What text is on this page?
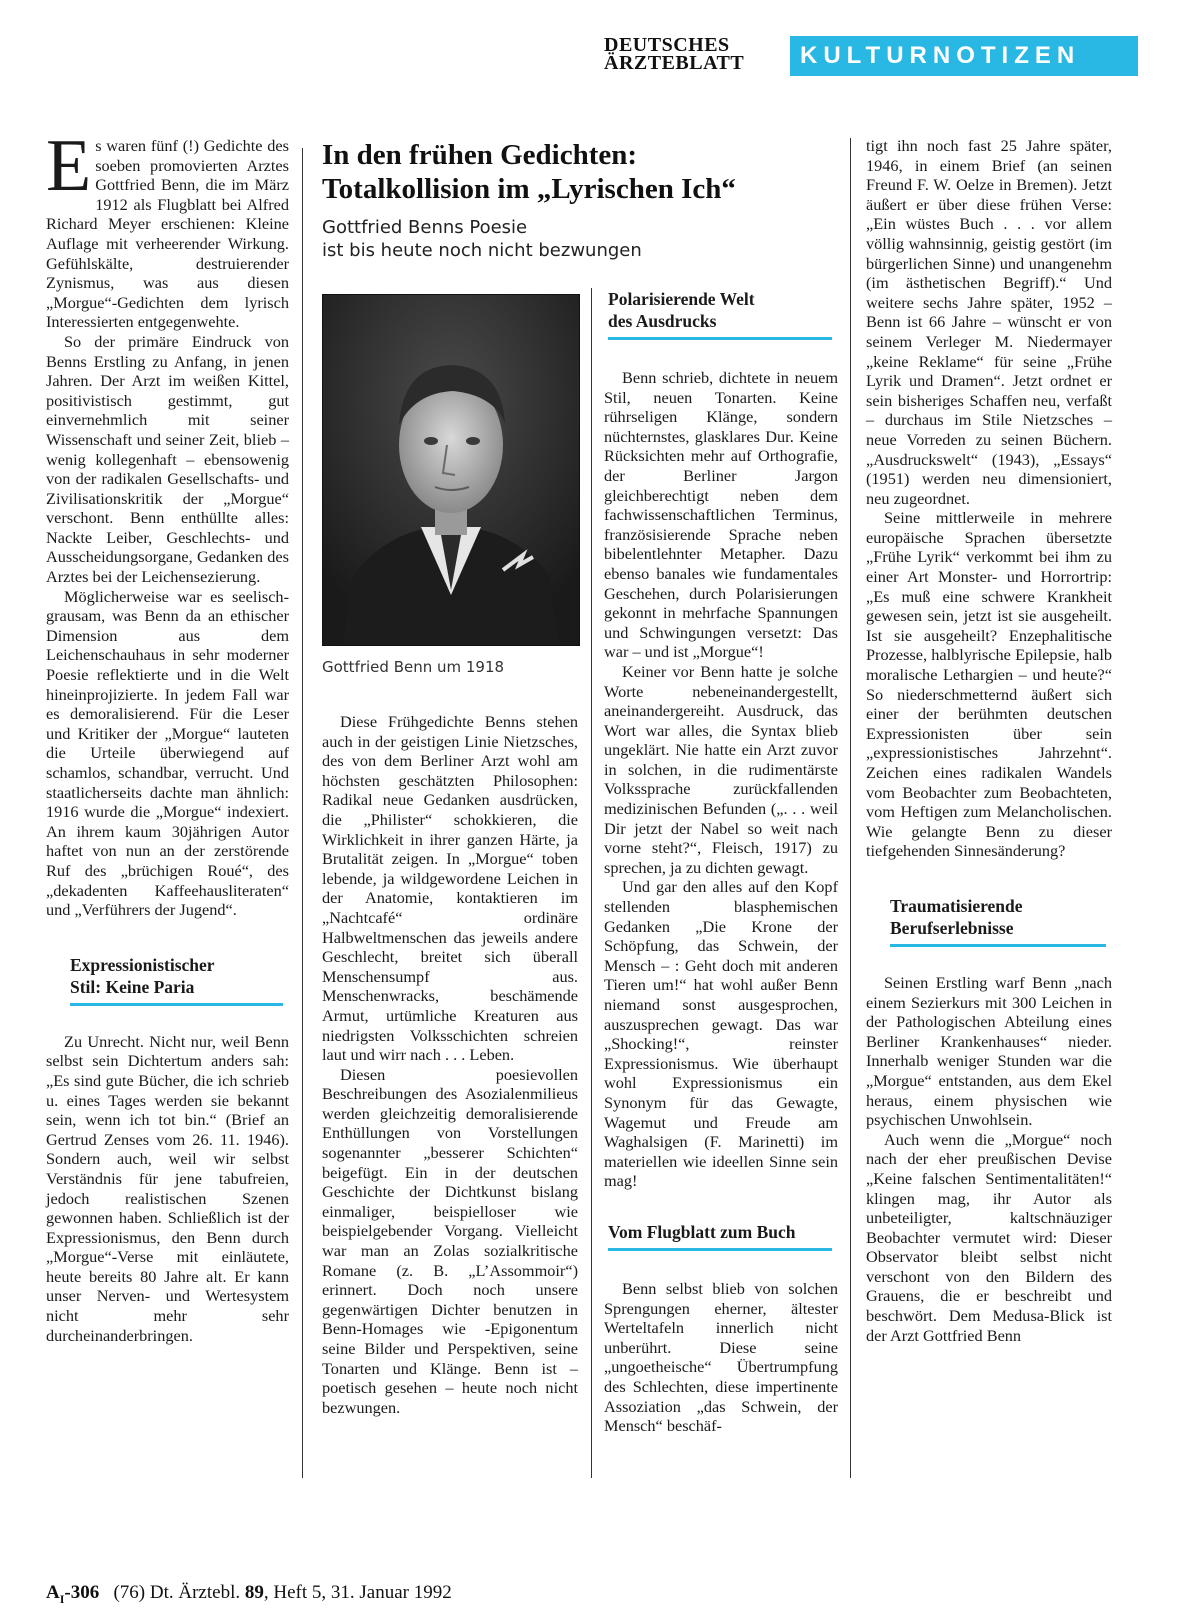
DEUTSCHES
ÄRZTEBLATT	KULTURNOTIZEN
In den frühen Gedichten:
Totalkollision im „Lyrischen Ich“
Gottfried Benns Poesie
ist bis heute noch nicht bezwungen
Gottfried Benn um 1918

Es waren fünf (!) Gedichte des soeben promovierten Arztes Gottfried Benn, die im März 1912 als Flugblatt bei Alfred Richard Meyer erschienen: Kleine Auflage mit verheerender Wirkung. Gefühlskälte, destruierender Zynismus, was aus diesen „Morgue“-Gedichten dem lyrisch Interessierten entgegenwehte.

So der primäre Eindruck von Benns Erstling zu Anfang, in jenen Jahren. Der Arzt im weißen Kittel, positivistisch gestimmt, gut einvernehmlich mit seiner Wissenschaft und seiner Zeit, blieb – wenig kollegenhaft – ebensowenig von der radikalen Gesellschafts- und Zivilisationskritik der „Morgue“ verschont. Benn enthüllte alles: Nackte Leiber, Geschlechts- und Ausscheidungsorgane, Gedanken des Arztes bei der Leichensezierung.

Möglicherweise war es seelisch-grausam, was Benn da an ethischer Dimension aus dem Leichenschauhaus in sehr moderner Poesie reflektierte und in die Welt hineinprojizierte. In jedem Fall war es demoralisierend. Für die Leser und Kritiker der „Morgue“ lauteten die Urteile überwiegend auf schamlos, schandbar, verrucht. Und staatlicherseits dachte man ähnlich: 1916 wurde die „Morgue“ indexiert. An ihrem kaum 30jährigen Autor haftet von nun an der zerstörende Ruf des „brüchigen Roué“, des „dekadenten Kaffeehausliteraten“ und „Verführers der Jugend“.

Expressionistischer
Stil: Keine Paria

Zu Unrecht. Nicht nur, weil Benn selbst sein Dichtertum anders sah: „Es sind gute Bücher, die ich schrieb u. eines Tages werden sie bekannt sein, wenn ich tot bin.“ (Brief an Gertrud Zenses vom 26. 11. 1946). Sondern auch, weil wir selbst Verständnis für jene tabufreien, jedoch realistischen Szenen gewonnen haben. Schließlich ist der Expressionismus, den Benn durch „Morgue“-Verse mit einläutete, heute bereits 80 Jahre alt. Er kann unser Nerven- und Wertesystem nicht mehr sehr durcheinanderbringen.

Diese Frühgedichte Benns stehen auch in der geistigen Linie Nietzsches, des von dem Berliner Arzt wohl am höchsten geschätzten Philosophen: Radikal neue Gedanken ausdrücken, die „Philister“ schokkieren, die Wirklichkeit in ihrer ganzen Härte, ja Brutalität zeigen. In „Morgue“ toben lebende, ja wildgewordene Leichen in der Anatomie, kontaktieren im „Nachtcafé“ ordinäre Halbweltmenschen das jeweils andere Geschlecht, breitet sich überall Menschensumpf aus. Menschenwracks, beschämende Armut, urtümliche Kreaturen aus niedrigsten Volksschichten schreien laut und wirr nach . . . Leben.

Diesen poesievollen Beschreibungen des Asozialenmilieus werden gleichzeitig demoralisierende Enthüllungen von Vorstellungen sogenannter „besserer Schichten“ beigefügt. Ein in der deutschen Geschichte der Dichtkunst bislang einmaliger, beispielloser wie beispielgebender Vorgang. Vielleicht war man an Zolas sozialkritische Romane (z. B. „L’Assommoir“) erinnert. Doch noch unsere gegenwärtigen Dichter benutzen in Benn-Homages wie -Epigonentum seine Bilder und Perspektiven, seine Tonarten und Klänge. Benn ist – poetisch gesehen – heute noch nicht bezwungen.

Polarisierende Welt
des Ausdrucks

Benn schrieb, dichtete in neuem Stil, neuen Tonarten. Keine rührseligen Klänge, sondern nüchternstes, glasklares Dur. Keine Rücksichten mehr auf Orthografie, der Berliner Jargon gleichberechtigt neben dem fachwissenschaftlichen Terminus, französisierende Sprache neben bibelentlehnter Metapher. Dazu ebenso banales wie fundamentales Geschehen, durch Polarisierungen gekonnt in mehrfache Spannungen und Schwingungen versetzt: Das war – und ist „Morgue“!

Keiner vor Benn hatte je solche Worte nebeneinandergestellt, aneinandergereiht. Ausdruck, das Wort war alles, die Syntax blieb ungeklärt. Nie hatte ein Arzt zuvor in solchen, in die rudimentärste Volkssprache zurückfallenden medizinischen Befunden („. . . weil Dir jetzt der Nabel so weit nach vorne steht?“, Fleisch, 1917) zu sprechen, ja zu dichten gewagt.

Und gar den alles auf den Kopf stellenden blasphemischen Gedanken „Die Krone der Schöpfung, das Schwein, der Mensch – : Geht doch mit anderen Tieren um!“ hat wohl außer Benn niemand sonst ausgesprochen, auszusprechen gewagt. Das war „Shocking!“, reinster Expressionismus. Wie überhaupt wohl Expressionismus ein Synonym für das Gewagte, Wagemut und Freude am Waghalsigen (F. Marinetti) im materiellen wie ideellen Sinne sein mag!

Vom Flugblatt zum Buch

Benn selbst blieb von solchen Sprengungen eherner, ältester Werteltafeln innerlich nicht unberührt. Diese seine „ungoetheische“ Übertrumpfung des Schlechten, diese impertinente Assoziation „das Schwein, der Mensch“ beschäf-

tigt ihn noch fast 25 Jahre später, 1946, in einem Brief (an seinen Freund F. W. Oelze in Bremen). Jetzt äußert er über diese frühen Verse: „Ein wüstes Buch . . . vor allem völlig wahnsinnig, geistig gestört (im bürgerlichen Sinne) und unangenehm (im ästhetischen Begriff).“ Und weitere sechs Jahre später, 1952 – Benn ist 66 Jahre – wünscht er von seinem Verleger M. Niedermayer „keine Reklame“ für seine „Frühe Lyrik und Dramen“. Jetzt ordnet er sein bisheriges Schaffen neu, verfaßt – durchaus im Stile Nietzsches – neue Vorreden zu seinen Büchern. „Ausdruckswelt“ (1943), „Essays“ (1951) werden neu dimensioniert, neu zugeordnet.

Seine mittlerweile in mehrere europäische Sprachen übersetzte „Frühe Lyrik“ verkommt bei ihm zu einer Art Monster- und Horrortrip: „Es muß eine schwere Krankheit gewesen sein, jetzt ist sie ausgeheilt. Ist sie ausgeheilt? Enzephalitische Prozesse, halblyrische Epilepsie, halb moralische Lethargien – und heute?“ So niederschmetternd äußert sich einer der berühmten deutschen Expressionisten über sein „expressionistisches Jahrzehnt“. Zeichen eines radikalen Wandels vom Beobachter zum Beobachteten, vom Heftigen zum Melancholischen. Wie gelangte Benn zu dieser tiefgehenden Sinnesänderung?

Traumatisierende
Berufserlebnisse

Seinen Erstling warf Benn „nach einem Sezierkurs mit 300 Leichen in der Pathologischen Abteilung eines Berliner Krankenhauses“ nieder. Innerhalb weniger Stunden war die „Morgue“ entstanden, aus dem Ekel heraus, einem physischen wie psychischen Unwohlsein.

Auch wenn die „Morgue“ noch nach der eher preußischen Devise „Keine falschen Sentimentalitäten!“ klingen mag, ihr Autor als unbeteiligter, kaltschnäuziger Beobachter vermutet wird: Dieser Observator bleibt selbst nicht verschont von den Bildern des Grauens, die er beschreibt und beschwört. Dem Medusa-Blick ist der Arzt Gottfried Benn

$A_I-306$ (76) Dt. Ärztebl. 89, Heft 5, 31. Januar 1992
